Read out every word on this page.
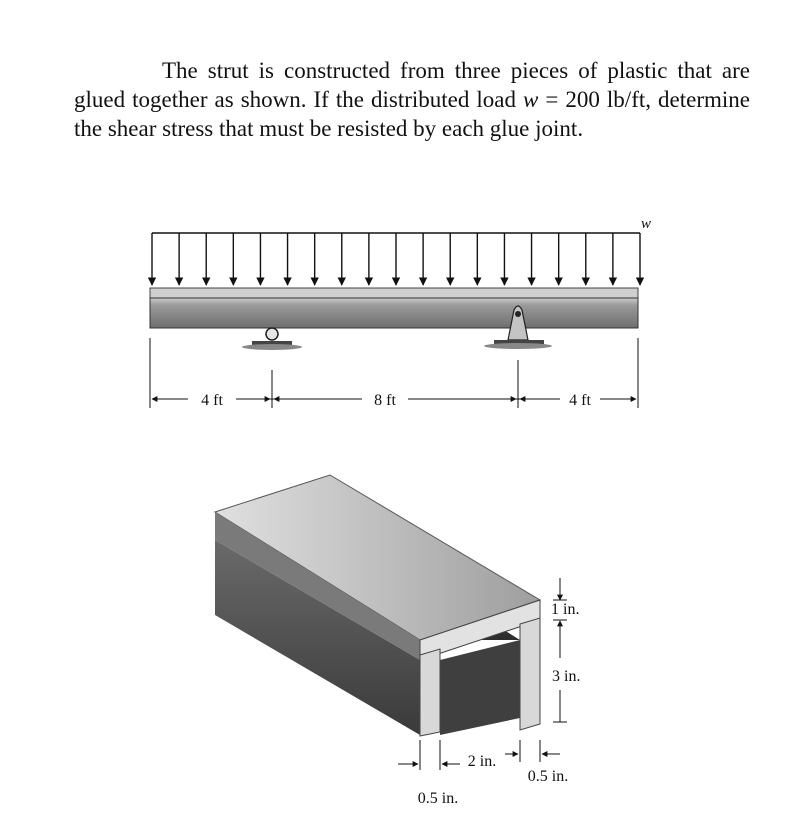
The strut is constructed from three pieces of plastic that are glued together as shown. If the distributed load w = 200 lb/ft, determine the shear stress that must be resisted by each glue joint.

w
4 ft	8 ft	4 ft
1 in.
3 in.
2 in.
0.5 in.
0.5 in.
